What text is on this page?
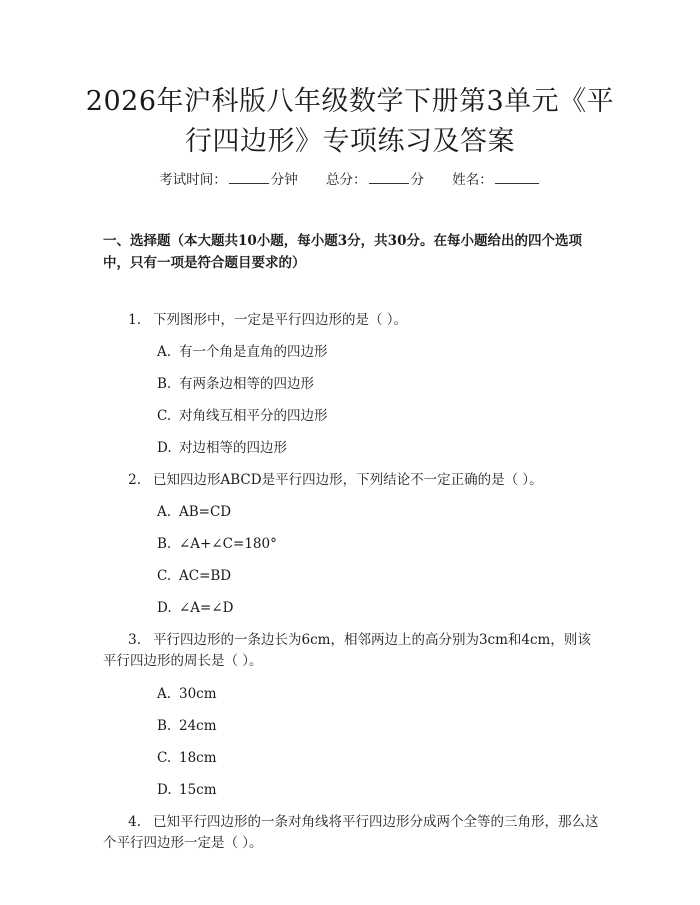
2026年沪科版八年级数学下册第3单元《平行四边形》专项练习及答案
考试时间：	分钟 总分：	分 姓名：

一、选择题（本大题共10小题，每小题3分，共30分。在每小题给出的四个选项中，只有一项是符合题目要求的）

1. 下列图形中，一定是平行四边形的是（ ）。

A. 有一个角是直角的四边形

B. 有两条边相等的四边形

C. 对角线互相平分的四边形

D. 对边相等的四边形

2. 已知四边形ABCD是平行四边形，下列结论不一定正确的是（ ）。

A. AB=CD

B. ∠A+∠C=180°

C. AC=BD

D. ∠A=∠D

3. 平行四边形的一条边长为6cm，相邻两边上的高分别为3cm和4cm，则该平行四边形的周长是（ ）。

A. 30cm

B. 24cm

C. 18cm

D. 15cm

4. 已知平行四边形的一条对角线将平行四边形分成两个全等的三角形，那么这个平行四边形一定是（ ）。
